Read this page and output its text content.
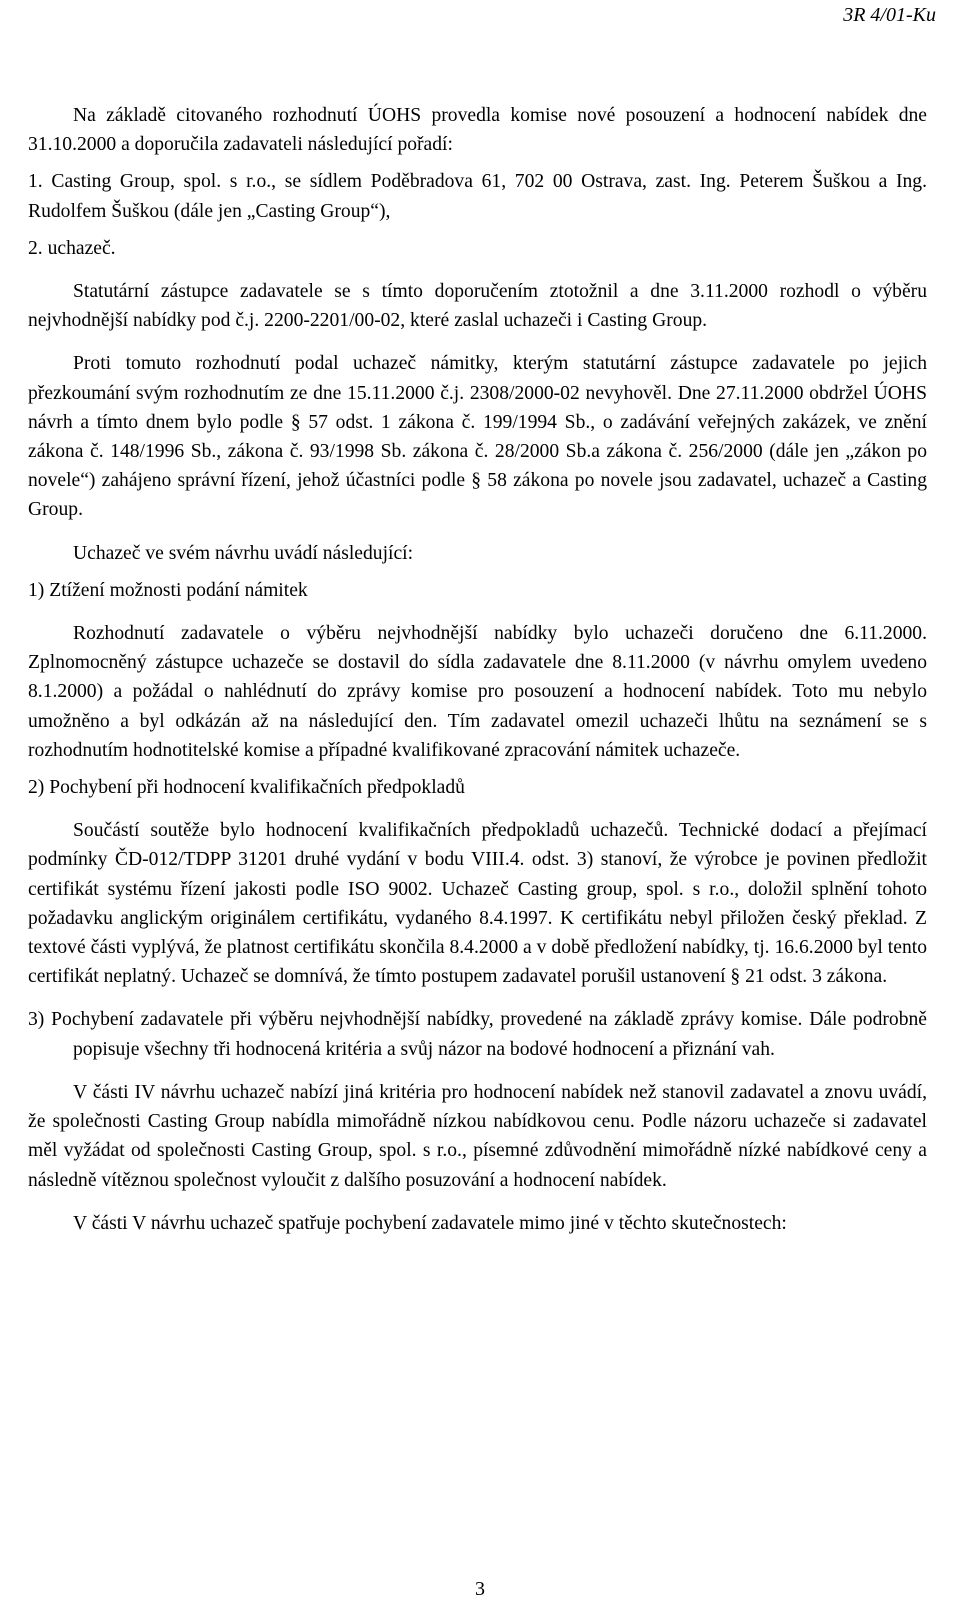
3R 4/01-Ku

Na základě citovaného rozhodnutí ÚOHS provedla komise nové posouzení a hodnocení nabídek dne 31.10.2000 a doporučila zadavateli následující pořadí:

1. Casting Group, spol. s r.o., se sídlem Poděbradova 61, 702 00 Ostrava, zast. Ing. Peterem Šuškou a Ing. Rudolfem Šuškou (dále jen „Casting Group“),

2. uchazeč.

Statutární zástupce zadavatele se s tímto doporučením ztotožnil a dne 3.11.2000 rozhodl o výběru nejvhodnější nabídky pod č.j. 2200-2201/00-02, které zaslal uchazeči i Casting Group.

Proti tomuto rozhodnutí podal uchazeč námitky, kterým statutární zástupce zadavatele po jejich přezkoumání svým rozhodnutím ze dne 15.11.2000 č.j. 2308/2000-02 nevyhověl. Dne 27.11.2000 obdržel ÚOHS návrh a tímto dnem bylo podle § 57 odst. 1 zákona č. 199/1994 Sb., o zadávání veřejných zakázek, ve znění zákona č. 148/1996 Sb., zákona č. 93/1998 Sb. zákona č. 28/2000 Sb.a zákona č. 256/2000 (dále jen „zákon po novele“) zahájeno správní řízení, jehož účastníci podle § 58 zákona po novele jsou zadavatel, uchazeč a Casting Group.

Uchazeč ve svém návrhu uvádí následující:

1) Ztížení možnosti podání námitek

Rozhodnutí zadavatele o výběru nejvhodnější nabídky bylo uchazeči doručeno dne 6.11.2000. Zplnomocněný zástupce uchazeče se dostavil do sídla zadavatele dne 8.11.2000 (v návrhu omylem uvedeno 8.1.2000) a požádal o nahlédnutí do zprávy komise pro posouzení a hodnocení nabídek. Toto mu nebylo umožněno a byl odkázán až na následující den. Tím zadavatel omezil uchazeči lhůtu na seznámení se s rozhodnutím hodnotitelské komise a případné kvalifikované zpracování námitek uchazeče.

2) Pochybení při hodnocení kvalifikačních předpokladů

Součástí soutěže bylo hodnocení kvalifikačních předpokladů uchazečů. Technické dodací a přejímací podmínky ČD-012/TDPP 31201 druhé vydání v bodu VIII.4. odst. 3) stanoví, že výrobce je povinen předložit certifikát systému řízení jakosti podle ISO 9002. Uchazeč Casting group, spol. s r.o., doložil splnění tohoto požadavku anglickým originálem certifikátu, vydaného 8.4.1997. K certifikátu nebyl přiložen český překlad. Z textové části vyplývá, že platnost certifikátu skončila 8.4.2000 a v době předložení nabídky, tj. 16.6.2000 byl tento certifikát neplatný. Uchazeč se domnívá, že tímto postupem zadavatel porušil ustanovení § 21 odst. 3 zákona.

3) Pochybení zadavatele při výběru nejvhodnější nabídky, provedené na základě zprávy komise. Dále podrobně popisuje všechny tři hodnocená kritéria a svůj názor na bodové hodnocení a přiznání vah.

V části IV návrhu uchazeč nabízí jiná kritéria pro hodnocení nabídek než stanovil zadavatel a znovu uvádí, že společnosti Casting Group nabídla mimořádně nízkou nabídkovou cenu. Podle názoru uchazeče si zadavatel měl vyžádat od společnosti Casting Group, spol. s r.o., písemné zdůvodnění mimořádně nízké nabídkové ceny a následně vítěznou společnost vyloučit z dalšího posuzování a hodnocení nabídek.

V části V návrhu uchazeč spatřuje pochybení zadavatele mimo jiné v těchto skutečnostech:

3
